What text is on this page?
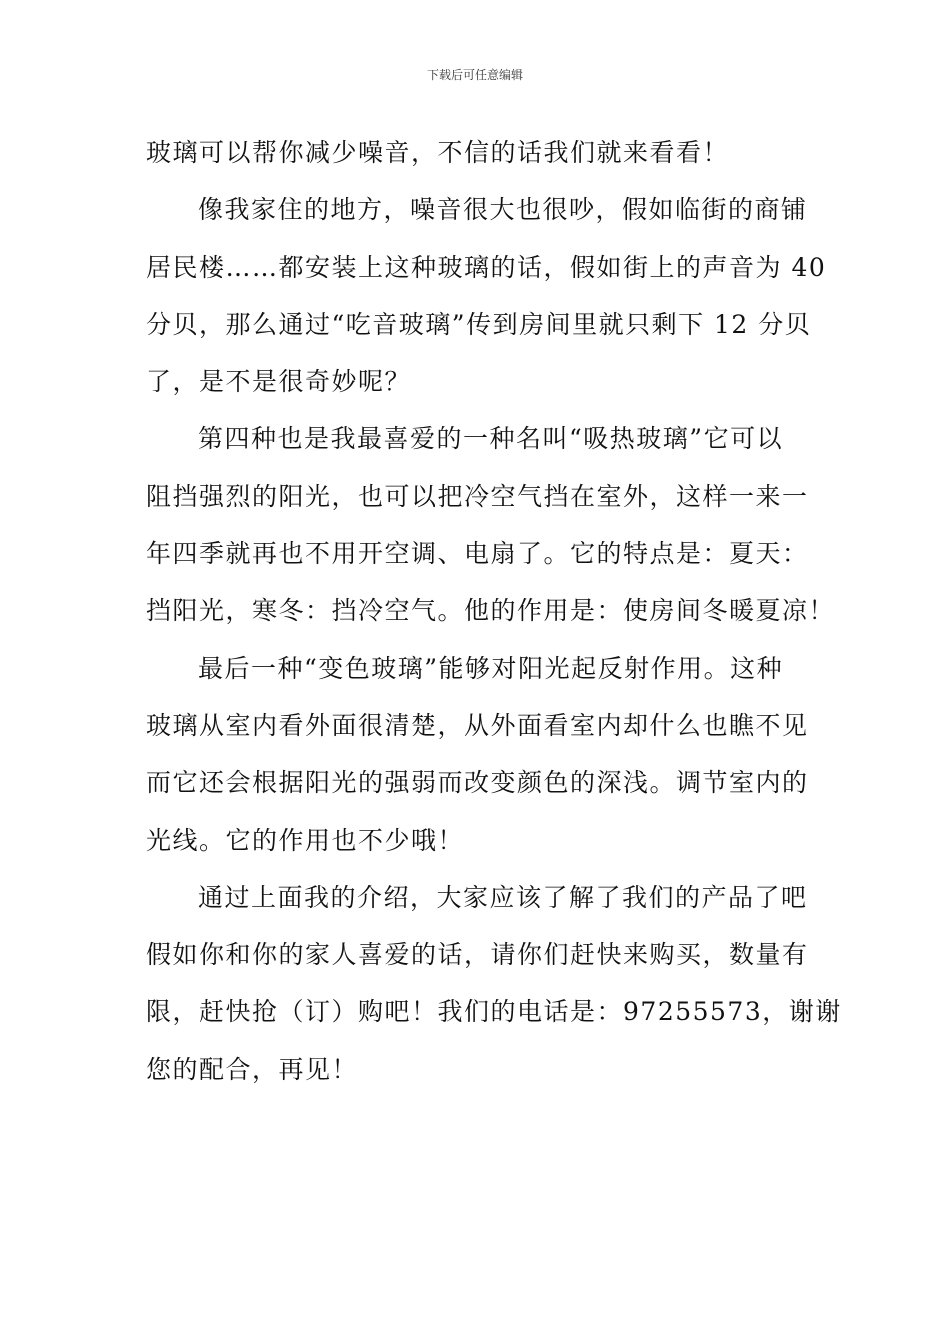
下载后可任意编辑
玻璃可以帮你减少噪音，不信的话我们就来看看！
像我家住的地方，噪音很大也很吵，假如临街的商铺
居民楼……都安装上这种玻璃的话，假如街上的声音为 40
分贝，那么通过“吃音玻璃”传到房间里就只剩下 12 分贝
了，是不是很奇妙呢？
第四种也是我最喜爱的一种名叫“吸热玻璃”它可以
阻挡强烈的阳光，也可以把冷空气挡在室外，这样一来一
年四季就再也不用开空调、电扇了。它的特点是：夏天：
挡阳光，寒冬：挡冷空气。他的作用是：使房间冬暖夏凉！
最后一种“变色玻璃”能够对阳光起反射作用。这种
玻璃从室内看外面很清楚，从外面看室内却什么也瞧不见
而它还会根据阳光的强弱而改变颜色的深浅。调节室内的
光线。它的作用也不少哦！
通过上面我的介绍，大家应该了解了我们的产品了吧
假如你和你的家人喜爱的话，请你们赶快来购买，数量有
限，赶快抢（订）购吧！我们的电话是：97255573，谢谢
您的配合，再见！
